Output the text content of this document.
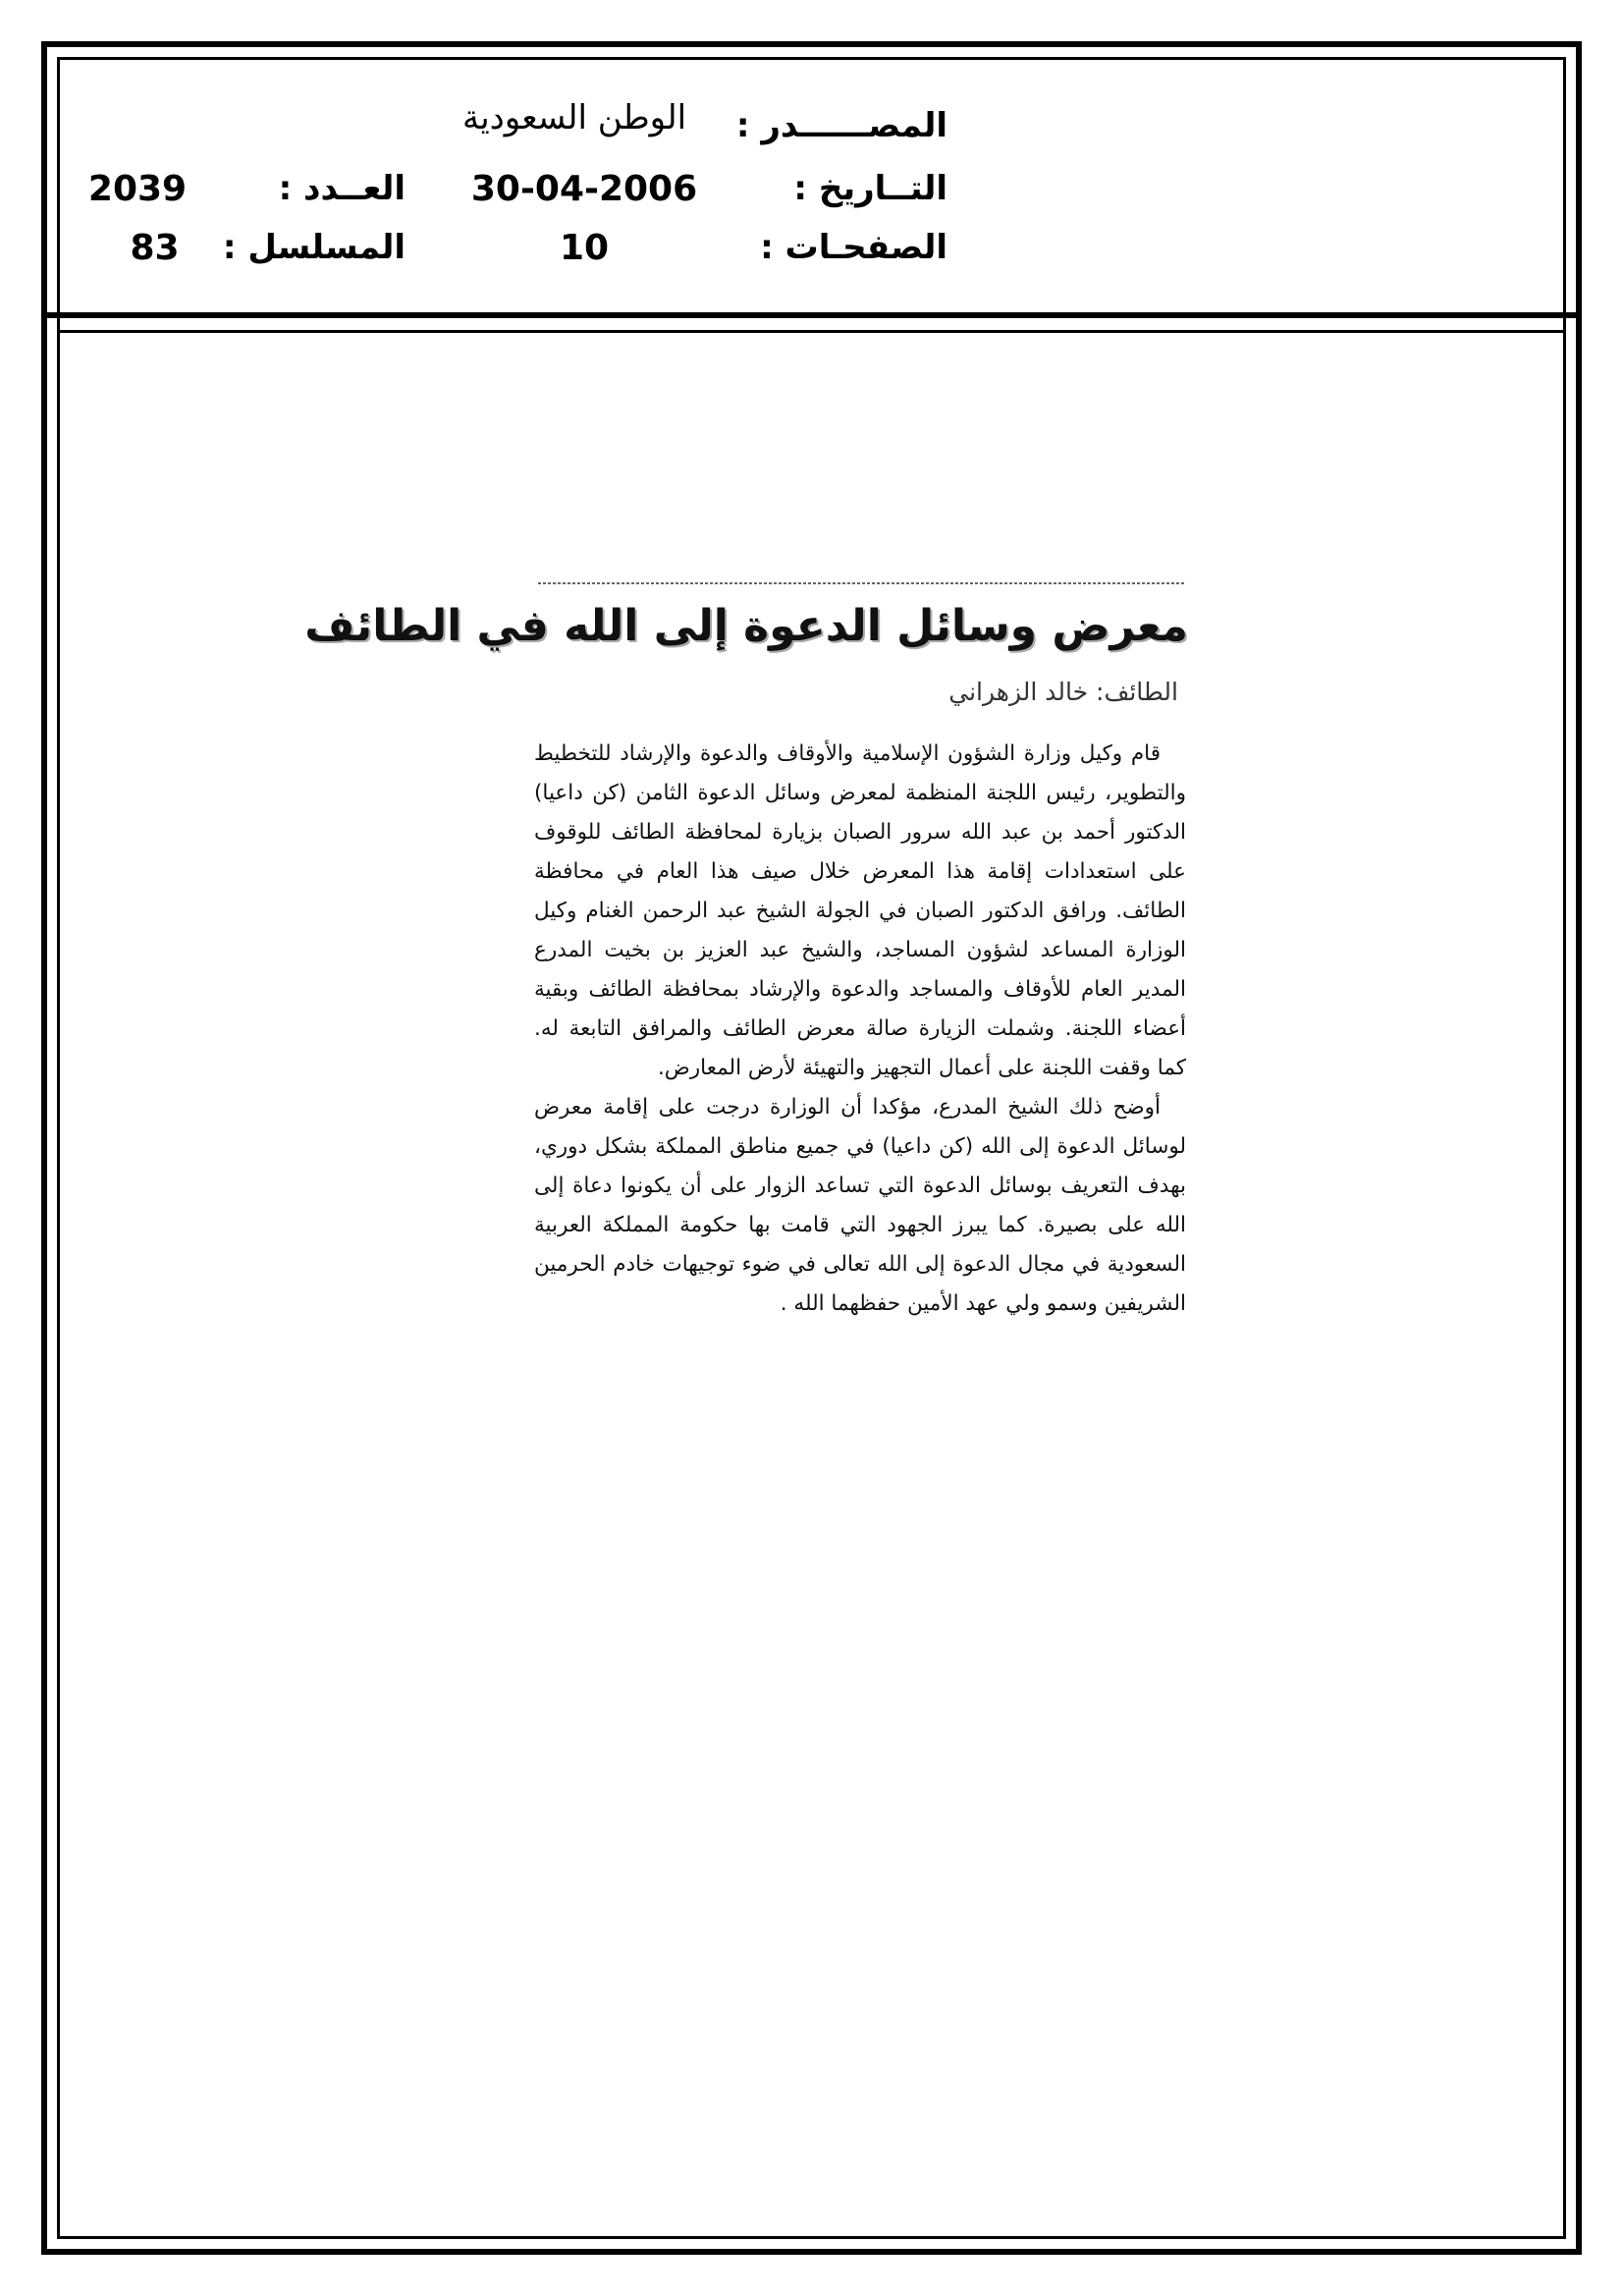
المصــــــدر :
الوطن السعودية
التــاريخ :
30-04-2006
العــدد :
2039
الصفحـات :
10
المسلسل :
83
معرض وسائل الدعوة إلى الله في الطائف
الطائف: خالد الزهراني

قام وكيل وزارة الشؤون الإسلامية والأوقاف والدعوة والإرشاد للتخطيط والتطوير، رئيس اللجنة المنظمة لمعرض وسائل الدعوة الثامن (كن داعيا) الدكتور أحمد بن عبد الله سرور الصبان بزيارة لمحافظة الطائف للوقوف على استعدادات إقامة هذا المعرض خلال صيف هذا العام في محافظة الطائف. ورافق الدكتور الصبان في الجولة الشيخ عبد الرحمن الغنام وكيل الوزارة المساعد لشؤون المساجد، والشيخ عبد العزيز بن بخيت المدرع المدير العام للأوقاف والمساجد والدعوة والإرشاد بمحافظة الطائف وبقية أعضاء اللجنة. وشملت الزيارة صالة معرض الطائف والمرافق التابعة له. كما وقفت اللجنة على أعمال التجهيز والتهيئة لأرض المعارض.

أوضح ذلك الشيخ المدرع، مؤكدا أن الوزارة درجت على إقامة معرض لوسائل الدعوة إلى الله (كن داعيا) في جميع مناطق المملكة بشكل دوري، بهدف التعريف بوسائل الدعوة التي تساعد الزوار على أن يكونوا دعاة إلى الله على بصيرة. كما يبرز الجهود التي قامت بها حكومة المملكة العربية السعودية في مجال الدعوة إلى الله تعالى في ضوء توجيهات خادم الحرمين الشريفين وسمو ولي عهد الأمين حفظهما الله .
